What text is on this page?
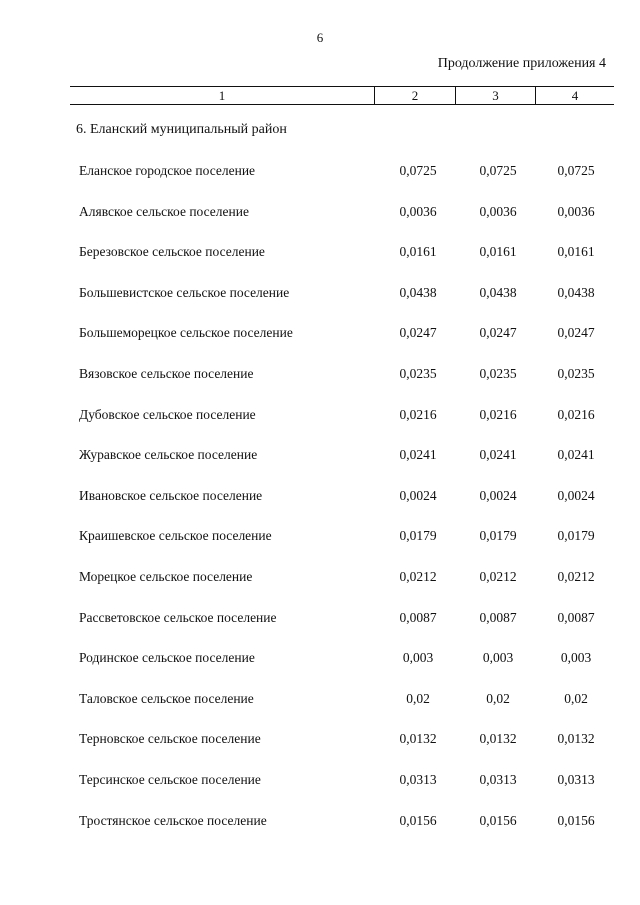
6
Продолжение приложения 4
1	2	3	4
6. Еланский муниципальный район
Еланское городское поселение	0,0725	0,0725	0,0725
Алявское сельское поселение	0,0036	0,0036	0,0036
Березовское сельское поселение	0,0161	0,0161	0,0161
Большевистское сельское поселение	0,0438	0,0438	0,0438
Большеморецкое сельское поселение	0,0247	0,0247	0,0247
Вязовское сельское поселение	0,0235	0,0235	0,0235
Дубовское сельское поселение	0,0216	0,0216	0,0216
Журавское сельское поселение	0,0241	0,0241	0,0241
Ивановское сельское поселение	0,0024	0,0024	0,0024
Краишевское сельское поселение	0,0179	0,0179	0,0179
Морецкое сельское поселение	0,0212	0,0212	0,0212
Рассветовское сельское поселение	0,0087	0,0087	0,0087
Родинское сельское поселение	0,003	0,003	0,003
Таловское сельское поселение	0,02	0,02	0,02
Терновское сельское поселение	0,0132	0,0132	0,0132
Терсинское сельское поселение	0,0313	0,0313	0,0313
Тростянское сельское поселение	0,0156	0,0156	0,0156
